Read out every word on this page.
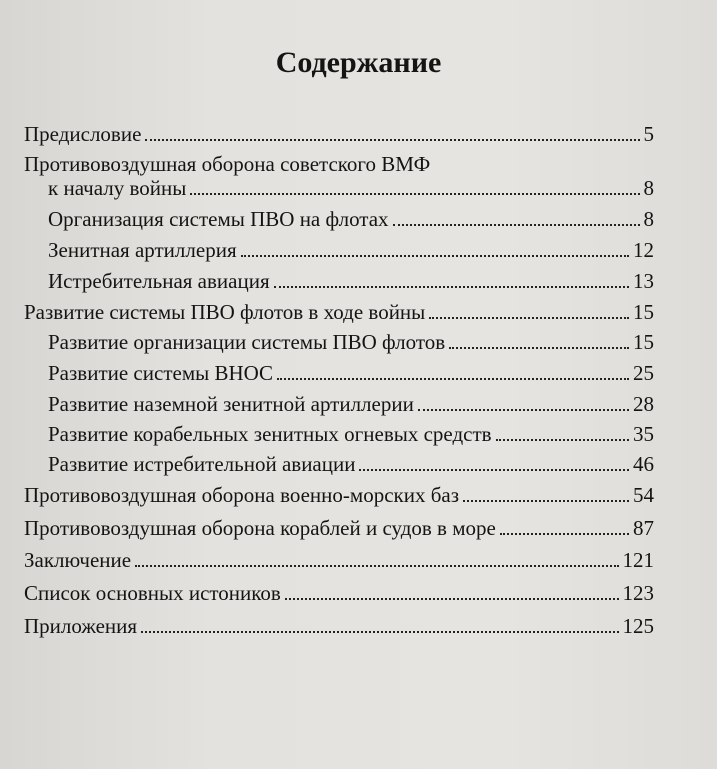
Содержание
Предисловие	5
Противовоздушная оборона советского ВМФ
к началу войны	8
Организация системы ПВО на флотах	8
Зенитная артиллерия	12
Истребительная авиация	13
Развитие системы ПВО флотов в ходе войны	15
Развитие организации системы ПВО флотов	15
Развитие системы ВНОС	25
Развитие наземной зенитной артиллерии	28
Развитие корабельных зенитных огневых средств	35
Развитие истребительной авиации	46
Противовоздушная оборона военно-морских баз	54
Противовоздушная оборона кораблей и судов в море	87
Заключение	121
Список основных истоников	123
Приложения	125
